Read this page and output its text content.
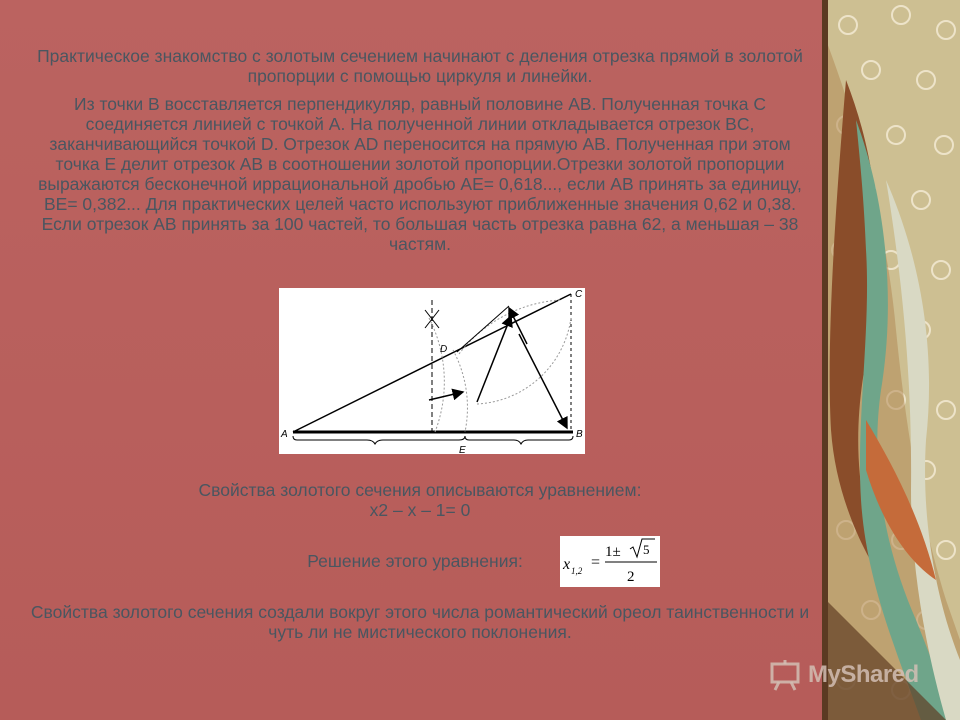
Практическое знакомство с золотым сечением начинают с деления отрезка прямой в золотой пропорции с помощью циркуля и линейки.

Из точки B восставляется перпендикуляр, равный половине AB. Полученная точка C соединяется линией с точкой A. На полученной линии откладывается отрезок BC, заканчивающийся точкой D. Отрезок AD переносится на прямую AB. Полученная при этом точка E делит отрезок AB в соотношении золотой пропорции.Отрезки золотой пропорции выражаются бесконечной иррациональной дробью AE= 0,618..., если AB принять за единицу, BE= 0,382... Для практических целей часто используют приближенные значения 0,62 и 0,38. Если отрезок AB принять за 100 частей, то большая часть отрезка равна 62, а меньшая – 38 частям.

A	B
C
D
E

Свойства золотого сечения описываются уравнением:
x2 – x – 1= 0

Решение этого уравнения:	x 1,2 =
1± 5
2

Свойства золотого сечения создали вокруг этого числа романтический ореол таинственности и чуть ли не мистического поклонения.

MyShared
